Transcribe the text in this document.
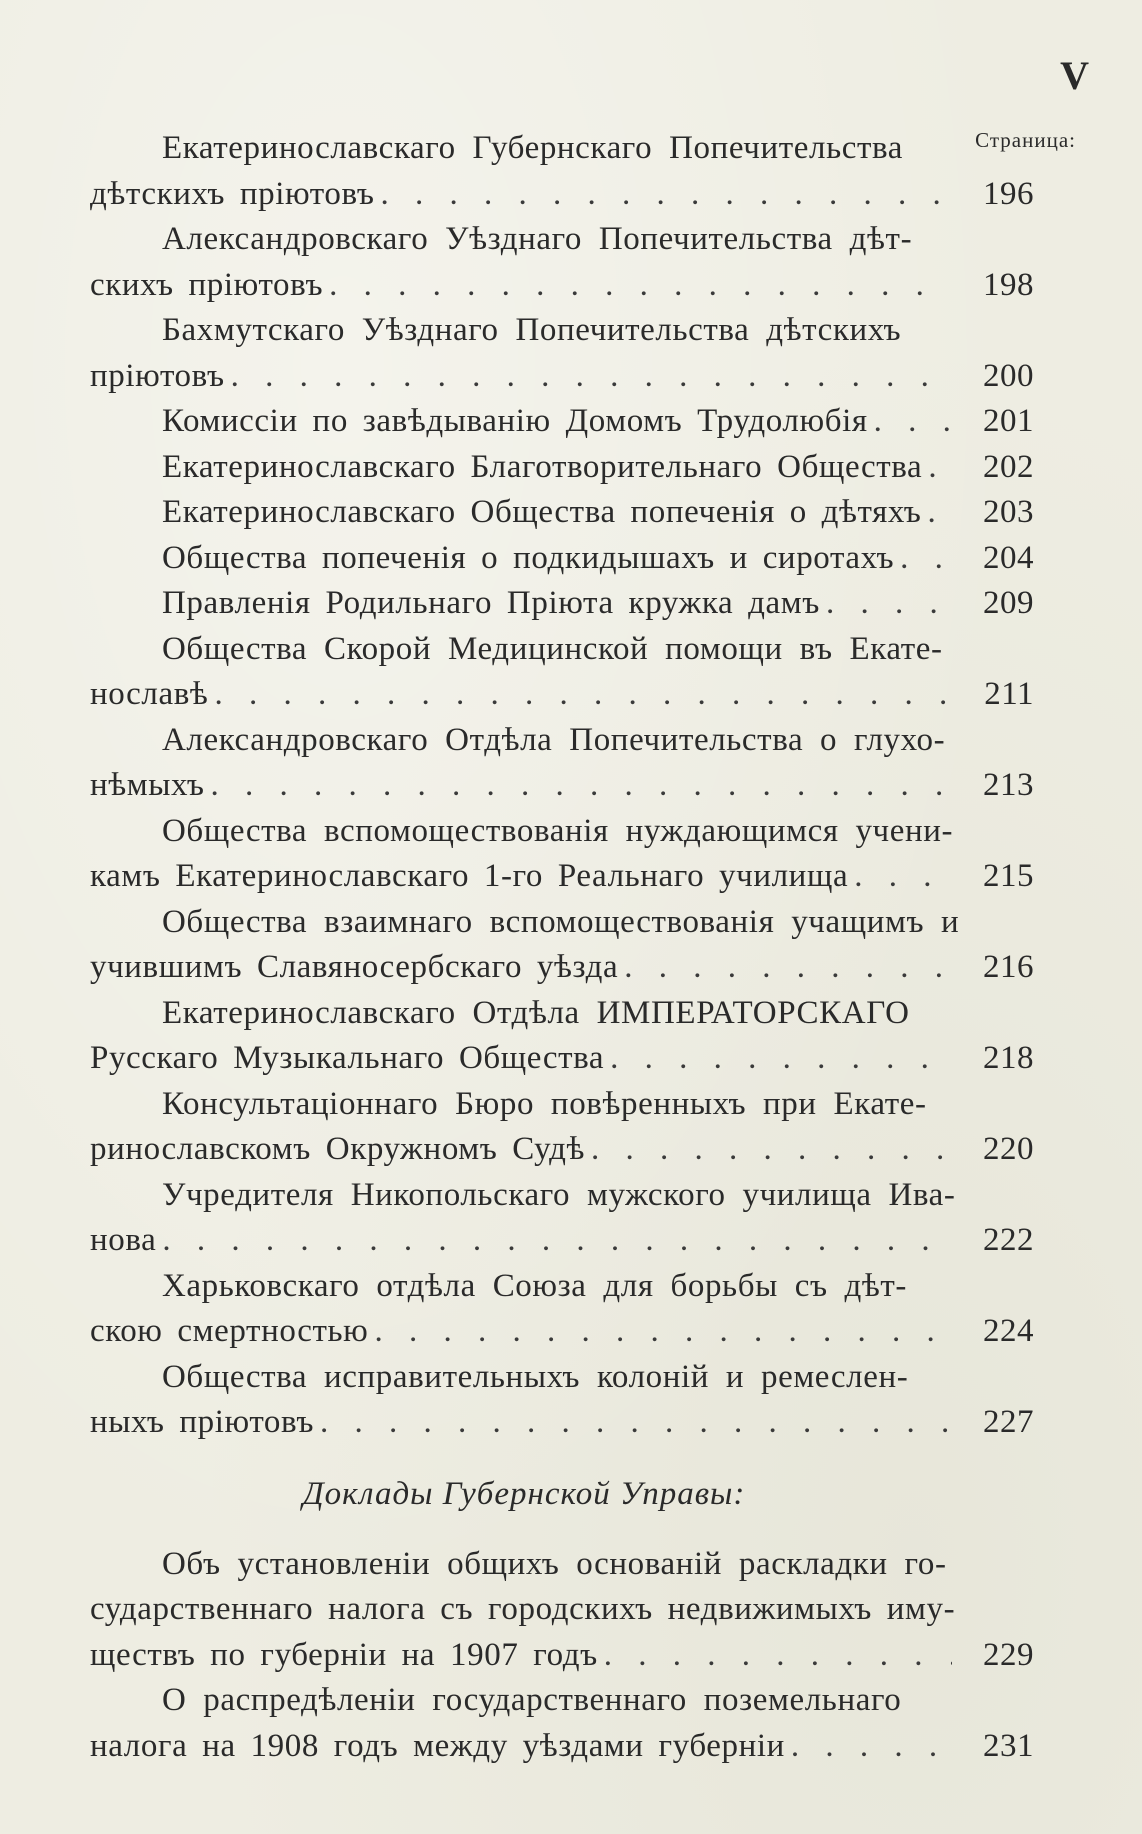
V
Страница:
Екатеринославскаго Губернскаго Попечительства
дѣтскихъ пріютовъ . . .	196
Александровскаго Уѣзднаго Попечительства дѣт-
скихъ пріютовъ . . .	198
Бахмутскаго Уѣзднаго Попечительства дѣтскихъ
пріютовъ . . .	200
Комиссіи по завѣдыванію Домомъ Трудолюбія . . .	201
Екатеринославскаго Благотворительнаго Общества . . .	202
Екатеринославскаго Общества попеченія о дѣтяхъ . . .	203
Общества попеченія о подкидышахъ и сиротахъ . . .	204
Правленія Родильнаго Пріюта кружка дамъ . . .	209
Общества Скорой Медицинской помощи въ Екате-
нославѣ . . .	211
Александровскаго Отдѣла Попечительства о глухо-
нѣмыхъ . . .	213
Общества вспомоществованія нуждающимся учени-
камъ Екатеринославскаго 1-го Реальнаго училища . . .	215
Общества взаимнаго вспомоществованія учащимъ и
учившимъ Славяносербскаго уѣзда . . .	216
Екатеринославскаго Отдѣла ИМПЕРАТОРСКАГО
Русскаго Музыкальнаго Общества . . .	218
Консультаціоннаго Бюро повѣренныхъ при Екате-
ринославскомъ Окружномъ Судѣ . . .	220
Учредителя Никопольскаго мужского училища Ива-
нова . . .	222
Харьковскаго отдѣла Союза для борьбы съ дѣт-
скою смертностью . . .	224
Общества исправительныхъ колоній и ремеслен-
ныхъ пріютовъ . . .	227
Доклады Губернской Управы:
Объ установленіи общихъ основаній раскладки го-
сударственнаго налога съ городскихъ недвижимыхъ иму-
ществъ по губерніи на 1907 годъ . . .	229
О распредѣленіи государственнаго поземельнаго
налога на 1908 годъ между уѣздами губерніи . . .	231
